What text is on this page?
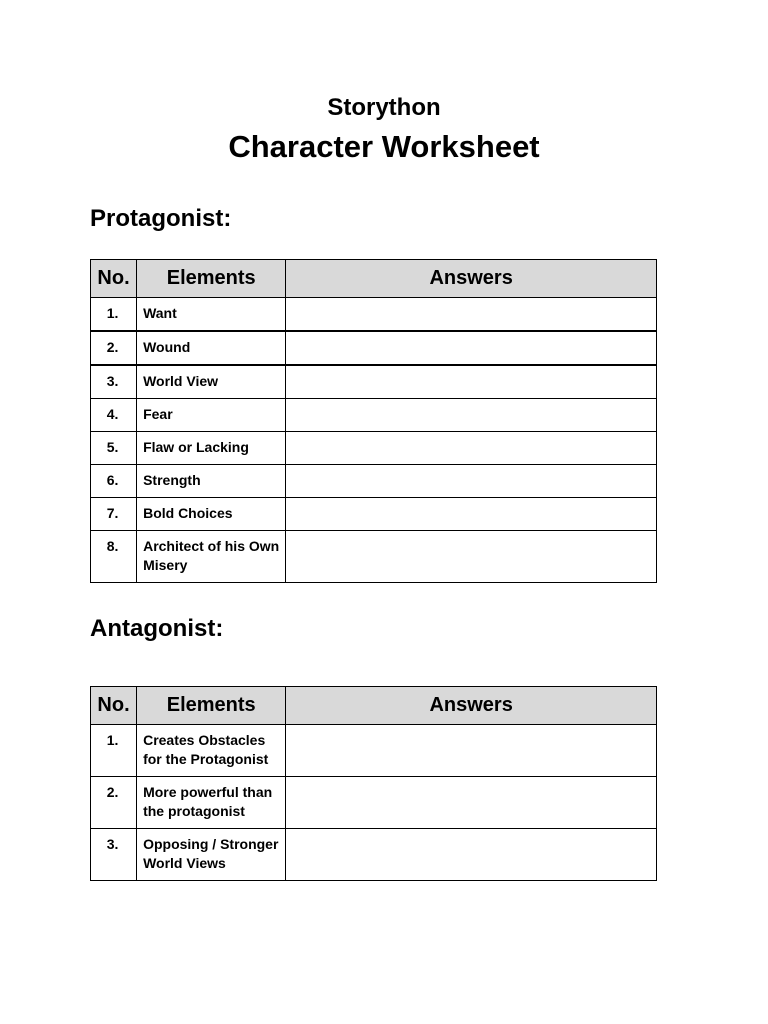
Storython
Character Worksheet
Protagonist:
No.	Elements	Answers
1.	Want	
2.	Wound	
3.	World View	
4.	Fear	
5.	Flaw or Lacking	
6.	Strength	
7.	Bold Choices	
8.	Architect of his Own Misery	
Antagonist:
No.	Elements	Answers
1.	Creates Obstacles for the Protagonist	
2.	More powerful than the protagonist	
3.	Opposing / Stronger World Views	
